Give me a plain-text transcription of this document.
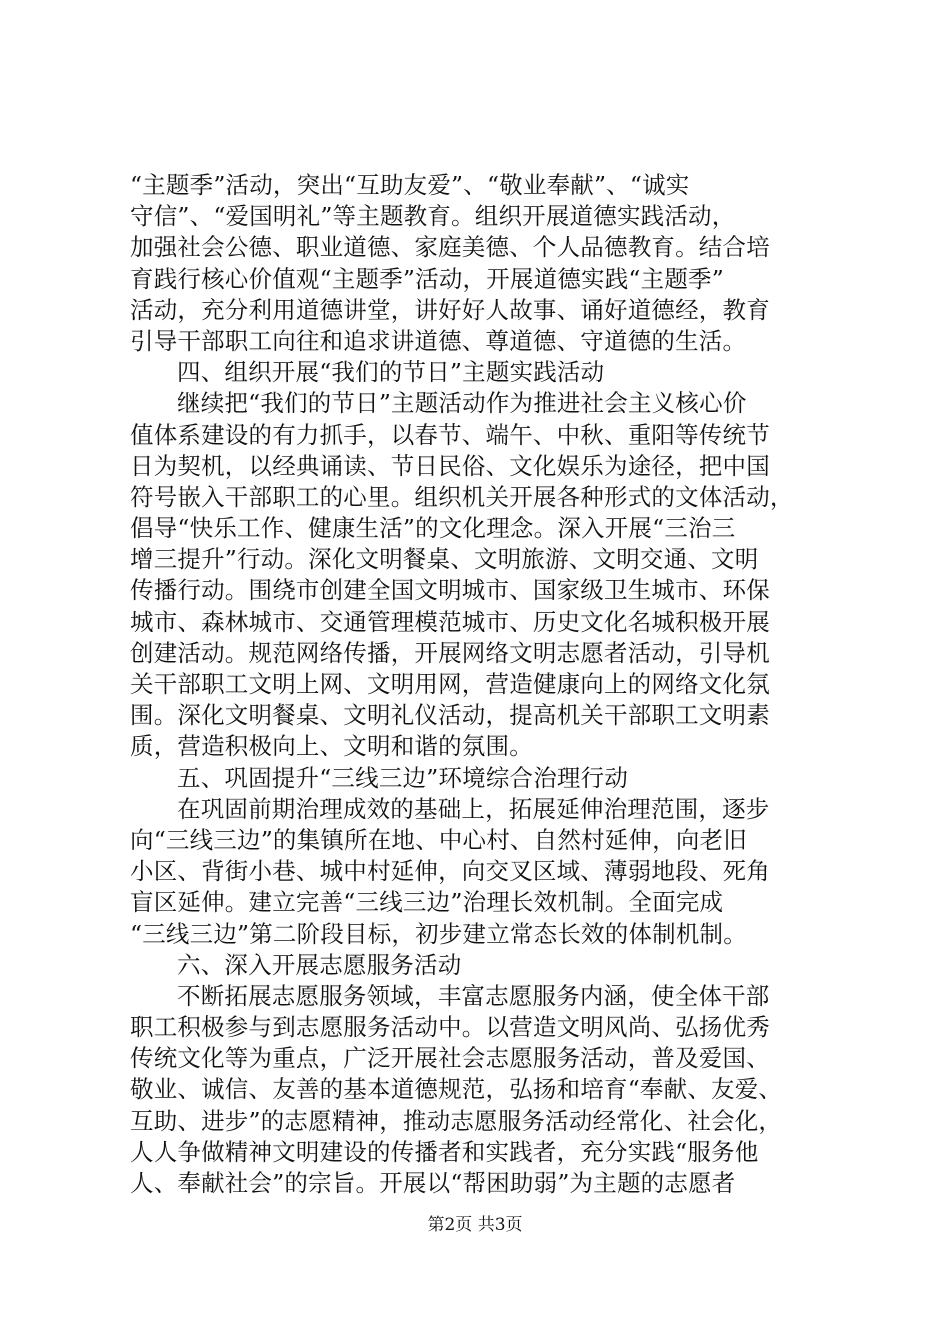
“主题季”活动，突出“互助友爱”、“敬业奉献”、“诚实
守信”、“爱国明礼”等主题教育。组织开展道德实践活动，
加强社会公德、职业道德、家庭美德、个人品德教育。结合培
育践行核心价值观“主题季”活动，开展道德实践“主题季”
活动，充分利用道德讲堂，讲好好人故事、诵好道德经，教育
引导干部职工向往和追求讲道德、尊道德、守道德的生活。
四、组织开展“我们的节日”主题实践活动
继续把“我们的节日”主题活动作为推进社会主义核心价
值体系建设的有力抓手，以春节、端午、中秋、重阳等传统节
日为契机，以经典诵读、节日民俗、文化娱乐为途径，把中国
符号嵌入干部职工的心里。组织机关开展各种形式的文体活动，
倡导“快乐工作、健康生活”的文化理念。深入开展“三治三
增三提升”行动。深化文明餐桌、文明旅游、文明交通、文明
传播行动。围绕市创建全国文明城市、国家级卫生城市、环保
城市、森林城市、交通管理模范城市、历史文化名城积极开展
创建活动。规范网络传播，开展网络文明志愿者活动，引导机
关干部职工文明上网、文明用网，营造健康向上的网络文化氛
围。深化文明餐桌、文明礼仪活动，提高机关干部职工文明素
质，营造积极向上、文明和谐的氛围。
五、巩固提升“三线三边”环境综合治理行动
在巩固前期治理成效的基础上，拓展延伸治理范围，逐步
向“三线三边”的集镇所在地、中心村、自然村延伸，向老旧
小区、背街小巷、城中村延伸，向交叉区域、薄弱地段、死角
盲区延伸。建立完善“三线三边”治理长效机制。全面完成
“三线三边”第二阶段目标，初步建立常态长效的体制机制。
六、深入开展志愿服务活动
不断拓展志愿服务领域，丰富志愿服务内涵，使全体干部
职工积极参与到志愿服务活动中。以营造文明风尚、弘扬优秀
传统文化等为重点，广泛开展社会志愿服务活动，普及爱国、
敬业、诚信、友善的基本道德规范，弘扬和培育“奉献、友爱、
互助、进步”的志愿精神，推动志愿服务活动经常化、社会化，
人人争做精神文明建设的传播者和实践者，充分实践“服务他
人、奉献社会”的宗旨。开展以“帮困助弱”为主题的志愿者
第2页 共3页
